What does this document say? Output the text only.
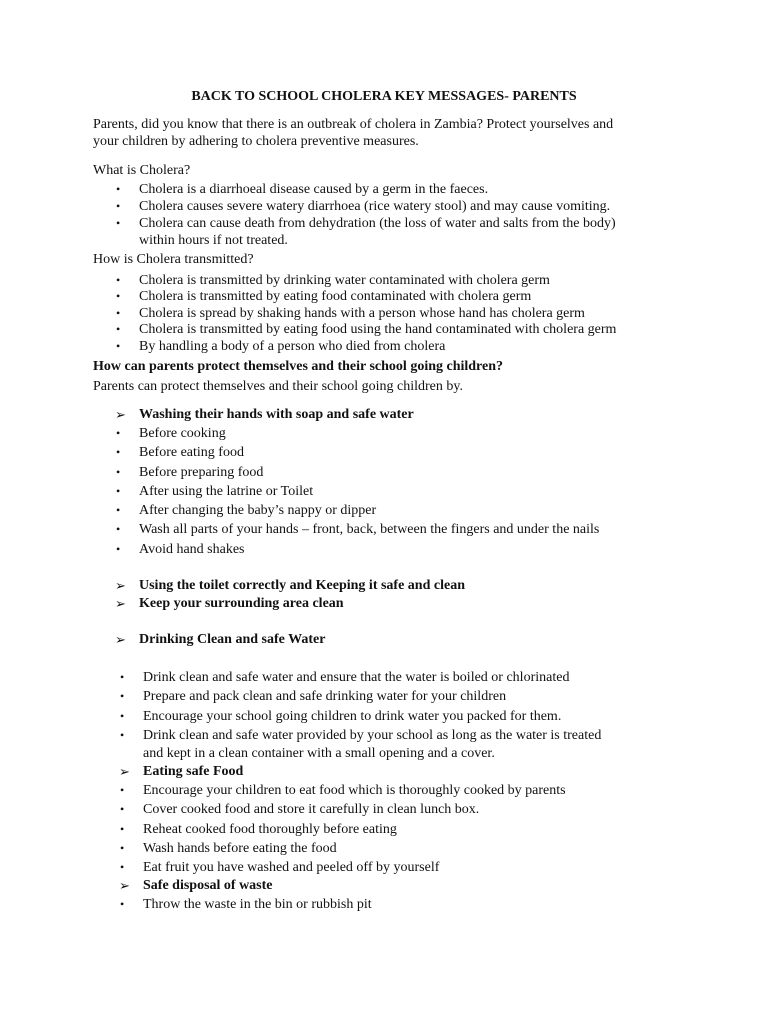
BACK TO SCHOOL CHOLERA KEY MESSAGES- PARENTS
Parents, did you know that there is an outbreak of cholera in Zambia? Protect yourselves and
your children by adhering to cholera preventive measures.
What is Cholera?
• Cholera is a diarrhoeal disease caused by a germ in the faeces.
• Cholera causes severe watery diarrhoea (rice watery stool) and may cause vomiting.
• Cholera can cause death from dehydration (the loss of water and salts from the body)
within hours if not treated.
How is Cholera transmitted?
• Cholera is transmitted by drinking water contaminated with cholera germ
• Cholera is transmitted by eating food contaminated with cholera germ
• Cholera is spread by shaking hands with a person whose hand has cholera germ
• Cholera is transmitted by eating food using the hand contaminated with cholera germ
• By handling a body of a person who died from cholera
How can parents protect themselves and their school going children?
Parents can protect themselves and their school going children by.
➢ Washing their hands with soap and safe water
• Before cooking
• Before eating food
• Before preparing food
• After using the latrine or Toilet
• After changing the baby’s nappy or dipper
• Wash all parts of your hands – front, back, between the fingers and under the nails
• Avoid hand shakes
➢ Using the toilet correctly and Keeping it safe and clean
➢ Keep your surrounding area clean
➢ Drinking Clean and safe Water
• Drink clean and safe water and ensure that the water is boiled or chlorinated
• Prepare and pack clean and safe drinking water for your children
• Encourage your school going children to drink water you packed for them.
• Drink clean and safe water provided by your school as long as the water is treated
and kept in a clean container with a small opening and a cover.
➢ Eating safe Food
• Encourage your children to eat food which is thoroughly cooked by parents
• Cover cooked food and store it carefully in clean lunch box.
• Reheat cooked food thoroughly before eating
• Wash hands before eating the food
• Eat fruit you have washed and peeled off by yourself
➢ Safe disposal of waste
• Throw the waste in the bin or rubbish pit
